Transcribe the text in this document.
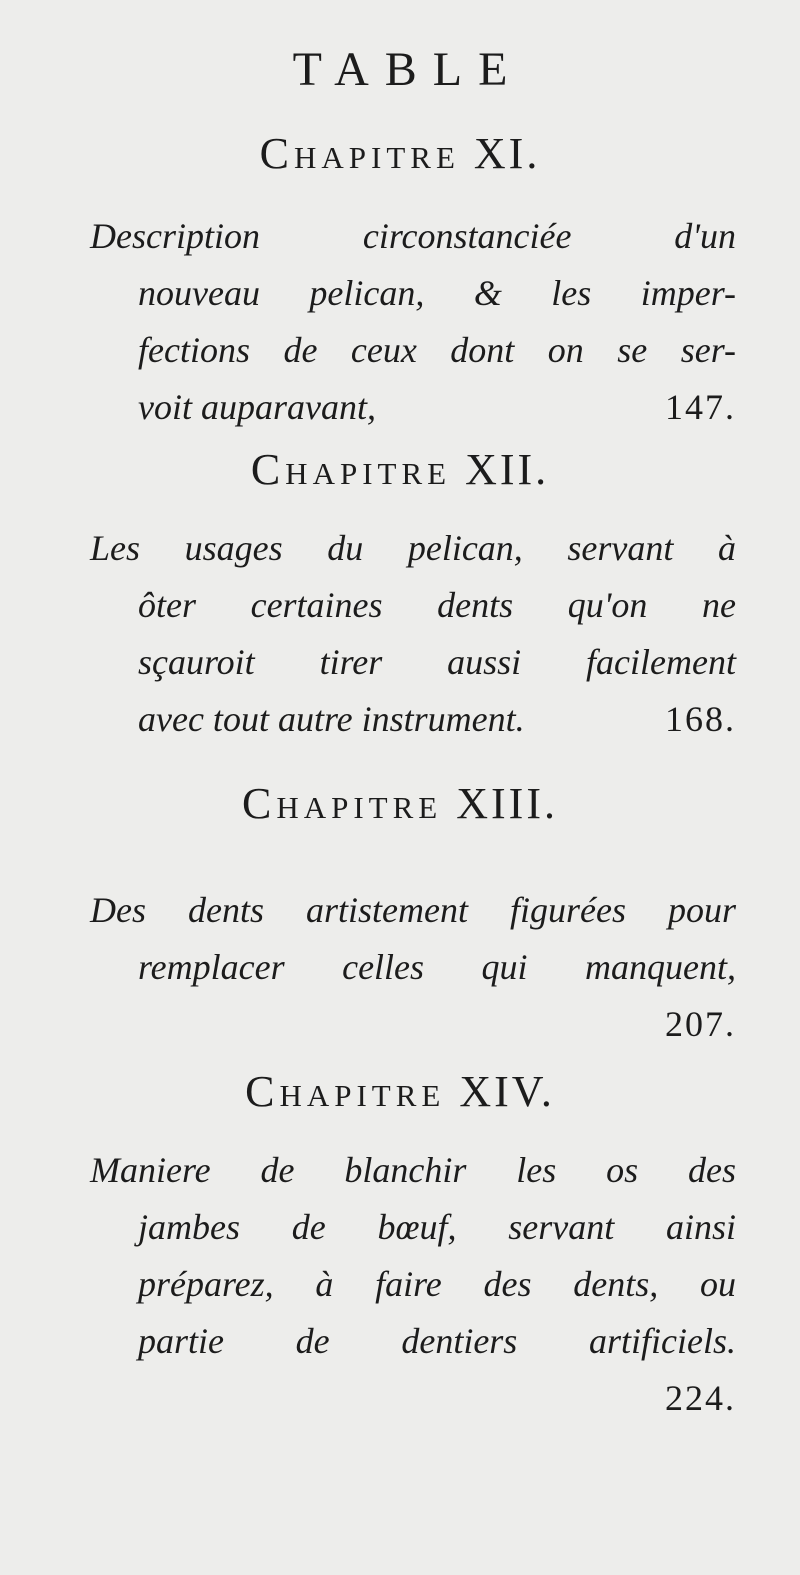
TABLE
Chapitre XI.
Description circonstanciée d'un
nouveau pelican, & les imper-
fections de ceux dont on se ser-
voit auparavant,	147.
Chapitre XII.
Les usages du pelican, servant à
ôter certaines dents qu'on ne
sçauroit tirer aussi facilement
avec tout autre instrument.	168.
Chapitre XIII.
Des dents artistement figurées pour
remplacer celles qui manquent,
207.
Chapitre XIV.
Maniere de blanchir les os des
jambes de bœuf, servant ainsi
préparez, à faire des dents, ou
partie de dentiers artificiels.
224.
